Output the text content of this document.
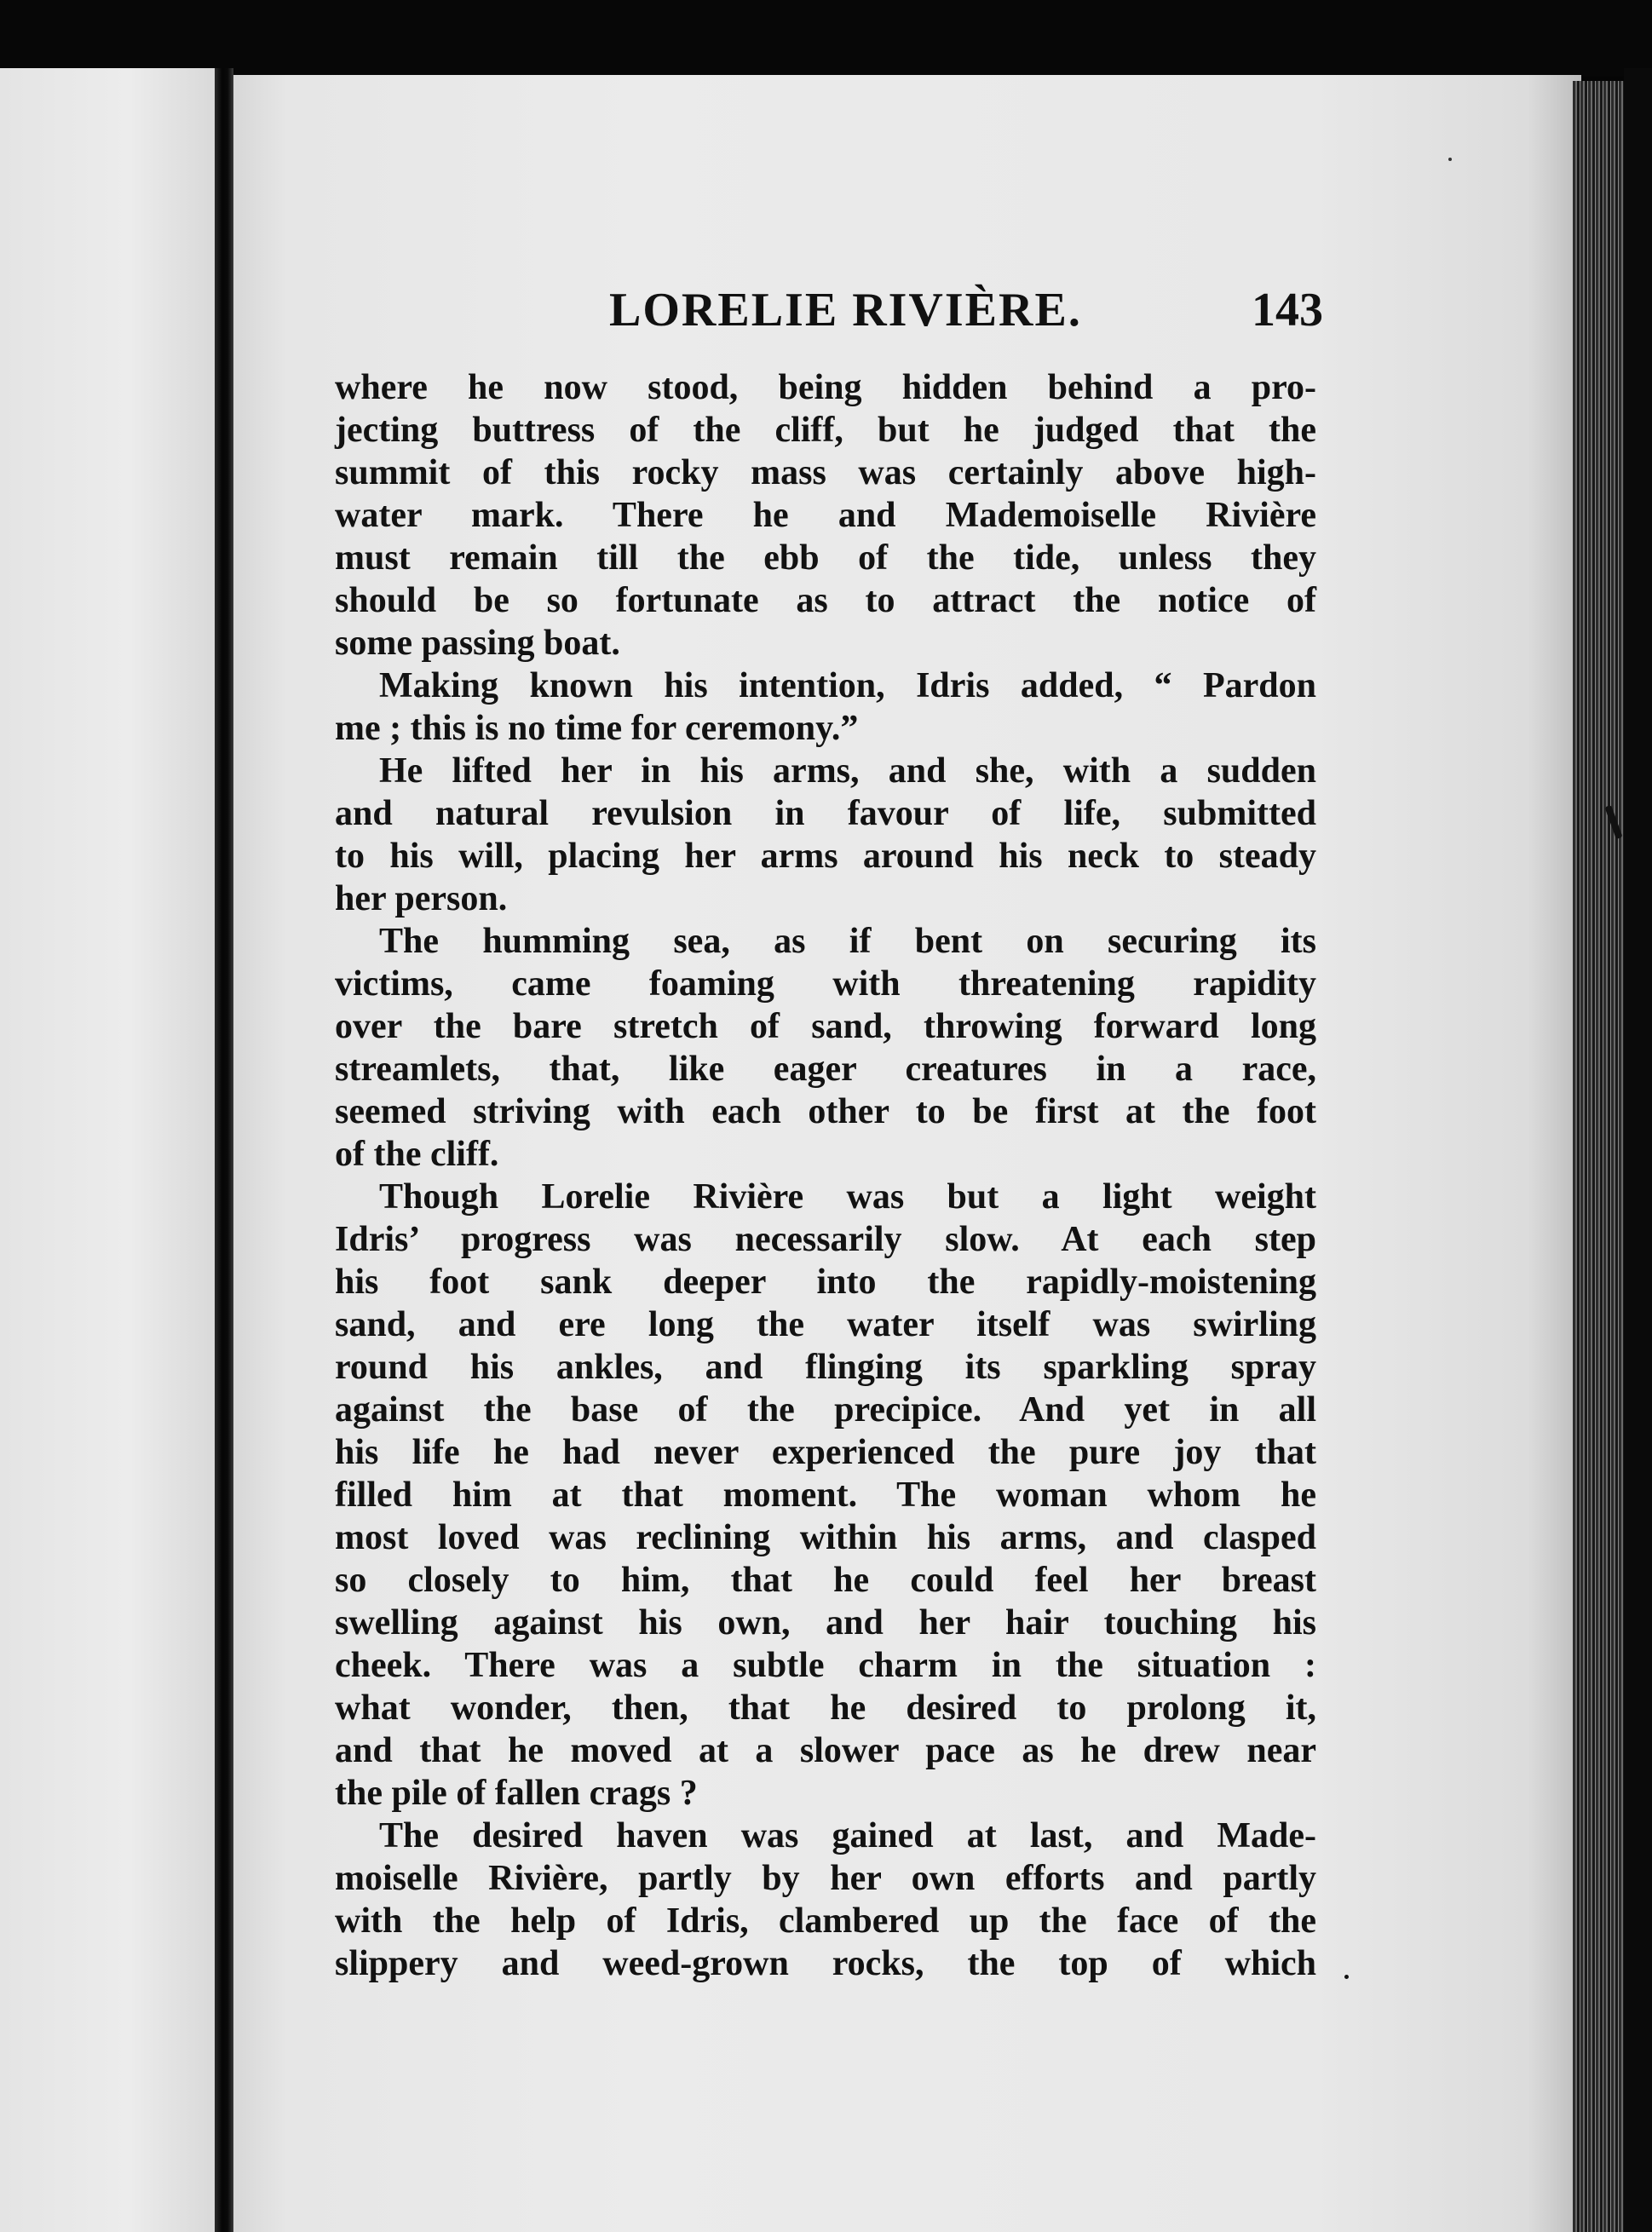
LORELIE RIVIÈRE.	143
where he now stood, being hidden behind a pro-
jecting buttress of the cliff, but he judged that the
summit of this rocky mass was certainly above high-
water mark. There he and Mademoiselle Rivière
must remain till the ebb of the tide, unless they
should be so fortunate as to attract the notice of
some passing boat.
Making known his intention, Idris added, “ Pardon
me ; this is no time for ceremony.”
He lifted her in his arms, and she, with a sudden
and natural revulsion in favour of life, submitted
to his will, placing her arms around his neck to steady
her person.
The humming sea, as if bent on securing its
victims, came foaming with threatening rapidity
over the bare stretch of sand, throwing forward long
streamlets, that, like eager creatures in a race,
seemed striving with each other to be first at the foot
of the cliff.
Though Lorelie Rivière was but a light weight
Idris’ progress was necessarily slow. At each step
his foot sank deeper into the rapidly-moistening
sand, and ere long the water itself was swirling
round his ankles, and flinging its sparkling spray
against the base of the precipice. And yet in all
his life he had never experienced the pure joy that
filled him at that moment. The woman whom he
most loved was reclining within his arms, and clasped
so closely to him, that he could feel her breast
swelling against his own, and her hair touching his
cheek. There was a subtle charm in the situation :
what wonder, then, that he desired to prolong it,
and that he moved at a slower pace as he drew near
the pile of fallen crags ?
The desired haven was gained at last, and Made-
moiselle Rivière, partly by her own efforts and partly
with the help of Idris, clambered up the face of the
slippery and weed-grown rocks, the top of which
